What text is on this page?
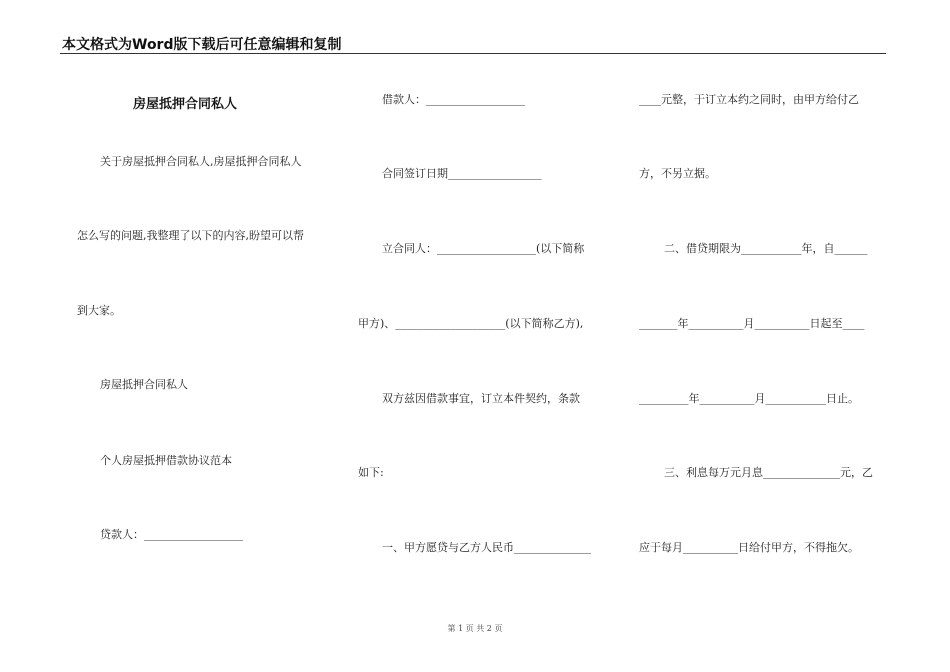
本文格式为Word版下载后可任意编辑和复制
房屋抵押合同私人
关于房屋抵押合同私人,房屋抵押合同私人
怎么写的问题,我整理了以下的内容,盼望可以帮
到大家。
房屋抵押合同私人
个人房屋抵押借款协议范本
贷款人：__________________
借款人：__________________
合同签订日期_________________
立合同人：__________________(以下简称
甲方)、____________________(以下简称乙方),
双方兹因借款事宜，订立本件契约，条款
如下:
一、甲方愿贷与乙方人民币______________
____元整，于订立本约之同时，由甲方给付乙
方，不另立据。
二、借贷期限为___________年，自______
_______年__________月__________日起至____
_________年__________月___________日止。
三、利息每万元月息______________元，乙
应于每月__________日给付甲方，不得拖欠。
第 1 页 共 2 页
